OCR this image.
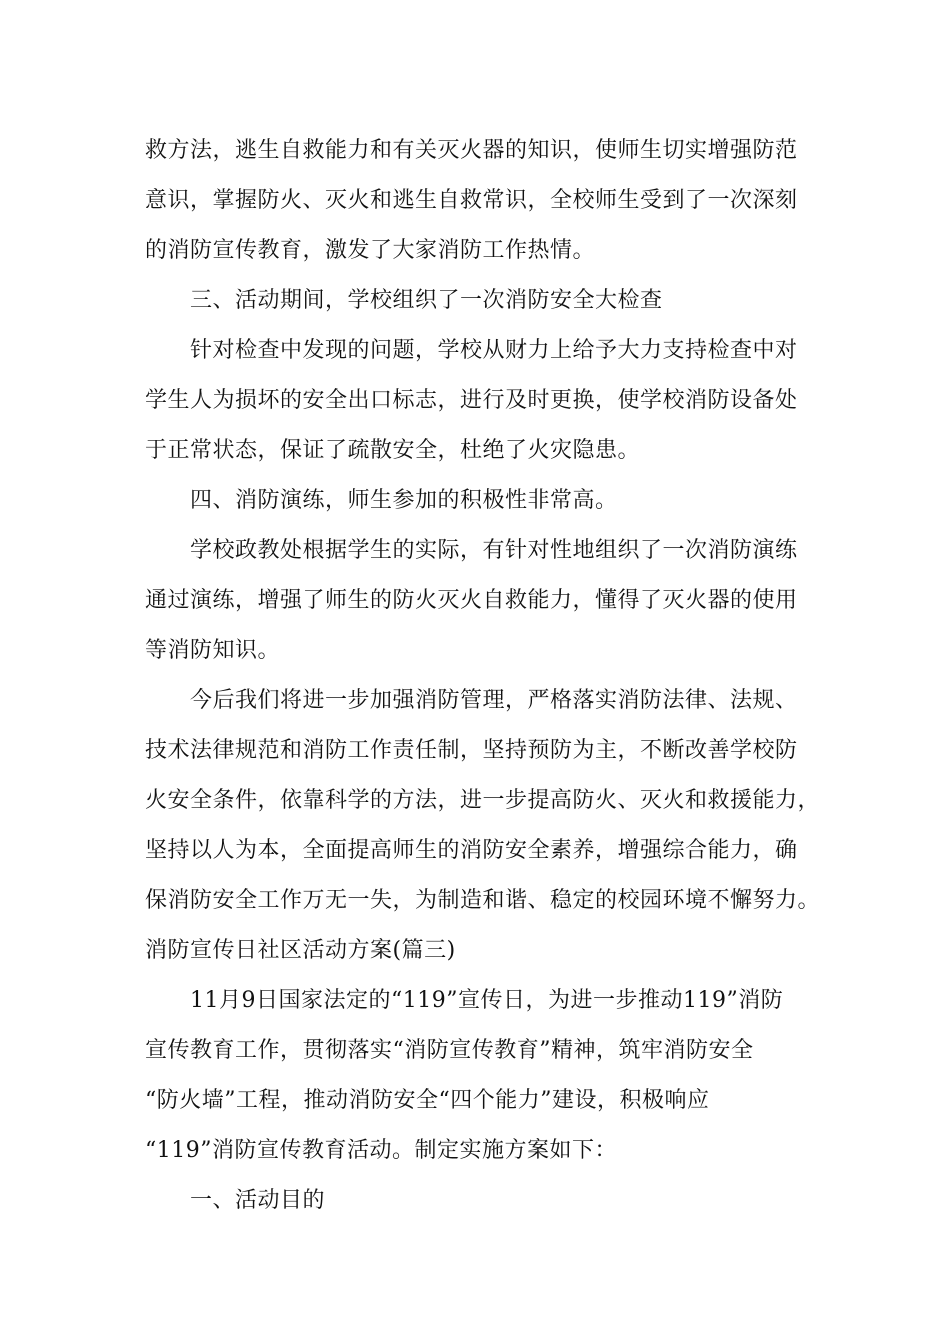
救方法，逃生自救能力和有关灭火器的知识，使师生切实增强防范
意识，掌握防火、灭火和逃生自救常识，全校师生受到了一次深刻
的消防宣传教育，激发了大家消防工作热情。
三、活动期间，学校组织了一次消防安全大检查
针对检查中发现的问题，学校从财力上给予大力支持检查中对
学生人为损坏的安全出口标志，进行及时更换，使学校消防设备处
于正常状态，保证了疏散安全，杜绝了火灾隐患。
四、消防演练，师生参加的积极性非常高。
学校政教处根据学生的实际，有针对性地组织了一次消防演练
通过演练，增强了师生的防火灭火自救能力，懂得了灭火器的使用
等消防知识。
今后我们将进一步加强消防管理，严格落实消防法律、法规、
技术法律规范和消防工作责任制，坚持预防为主，不断改善学校防
火安全条件，依靠科学的方法，进一步提高防火、灭火和救援能力，
坚持以人为本，全面提高师生的消防安全素养，增强综合能力，确
保消防安全工作万无一失，为制造和谐、稳定的校园环境不懈努力。
消防宣传日社区活动方案(篇三)
11月9日国家法定的“119”宣传日，为进一步推动119”消防
宣传教育工作，贯彻落实“消防宣传教育”精神，筑牢消防安全
“防火墙”工程，推动消防安全“四个能力”建设，积极响应
“119”消防宣传教育活动。制定实施方案如下：
一、活动目的
